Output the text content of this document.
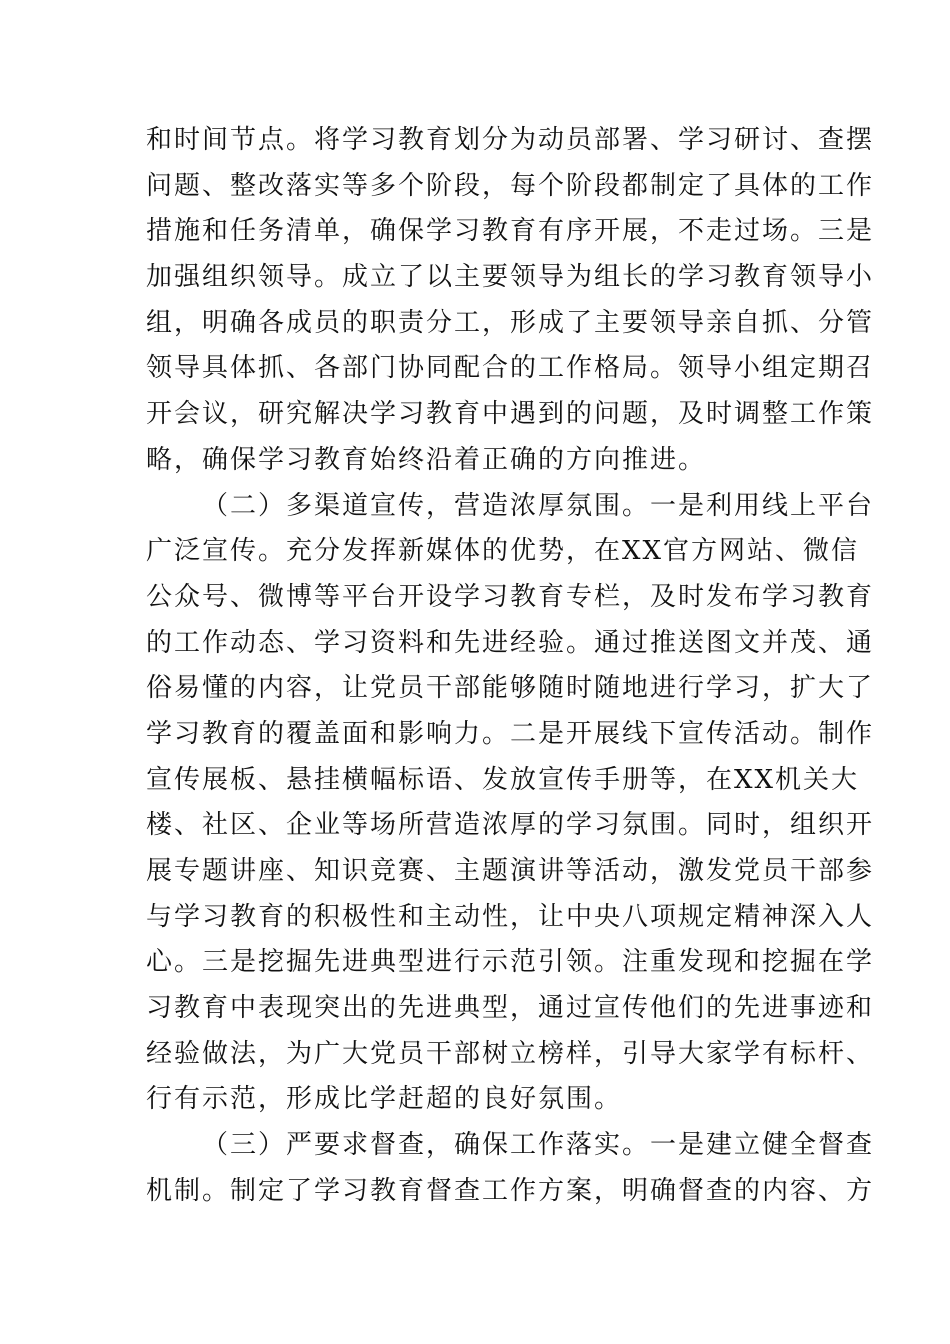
和时间节点。将学习教育划分为动员部署、学习研讨、查摆
问题、整改落实等多个阶段，每个阶段都制定了具体的工作
措施和任务清单，确保学习教育有序开展，不走过场。三是
加强组织领导。成立了以主要领导为组长的学习教育领导小
组，明确各成员的职责分工，形成了主要领导亲自抓、分管
领导具体抓、各部门协同配合的工作格局。领导小组定期召
开会议，研究解决学习教育中遇到的问题，及时调整工作策
略，确保学习教育始终沿着正确的方向推进。
（二）多渠道宣传，营造浓厚氛围。一是利用线上平台
广泛宣传。充分发挥新媒体的优势，在XX官方网站、微信
公众号、微博等平台开设学习教育专栏，及时发布学习教育
的工作动态、学习资料和先进经验。通过推送图文并茂、通
俗易懂的内容，让党员干部能够随时随地进行学习，扩大了
学习教育的覆盖面和影响力。二是开展线下宣传活动。制作
宣传展板、悬挂横幅标语、发放宣传手册等，在XX机关大
楼、社区、企业等场所营造浓厚的学习氛围。同时，组织开
展专题讲座、知识竞赛、主题演讲等活动，激发党员干部参
与学习教育的积极性和主动性，让中央八项规定精神深入人
心。三是挖掘先进典型进行示范引领。注重发现和挖掘在学
习教育中表现突出的先进典型，通过宣传他们的先进事迹和
经验做法，为广大党员干部树立榜样，引导大家学有标杆、
行有示范，形成比学赶超的良好氛围。
（三）严要求督查，确保工作落实。一是建立健全督查
机制。制定了学习教育督查工作方案，明确督查的内容、方
